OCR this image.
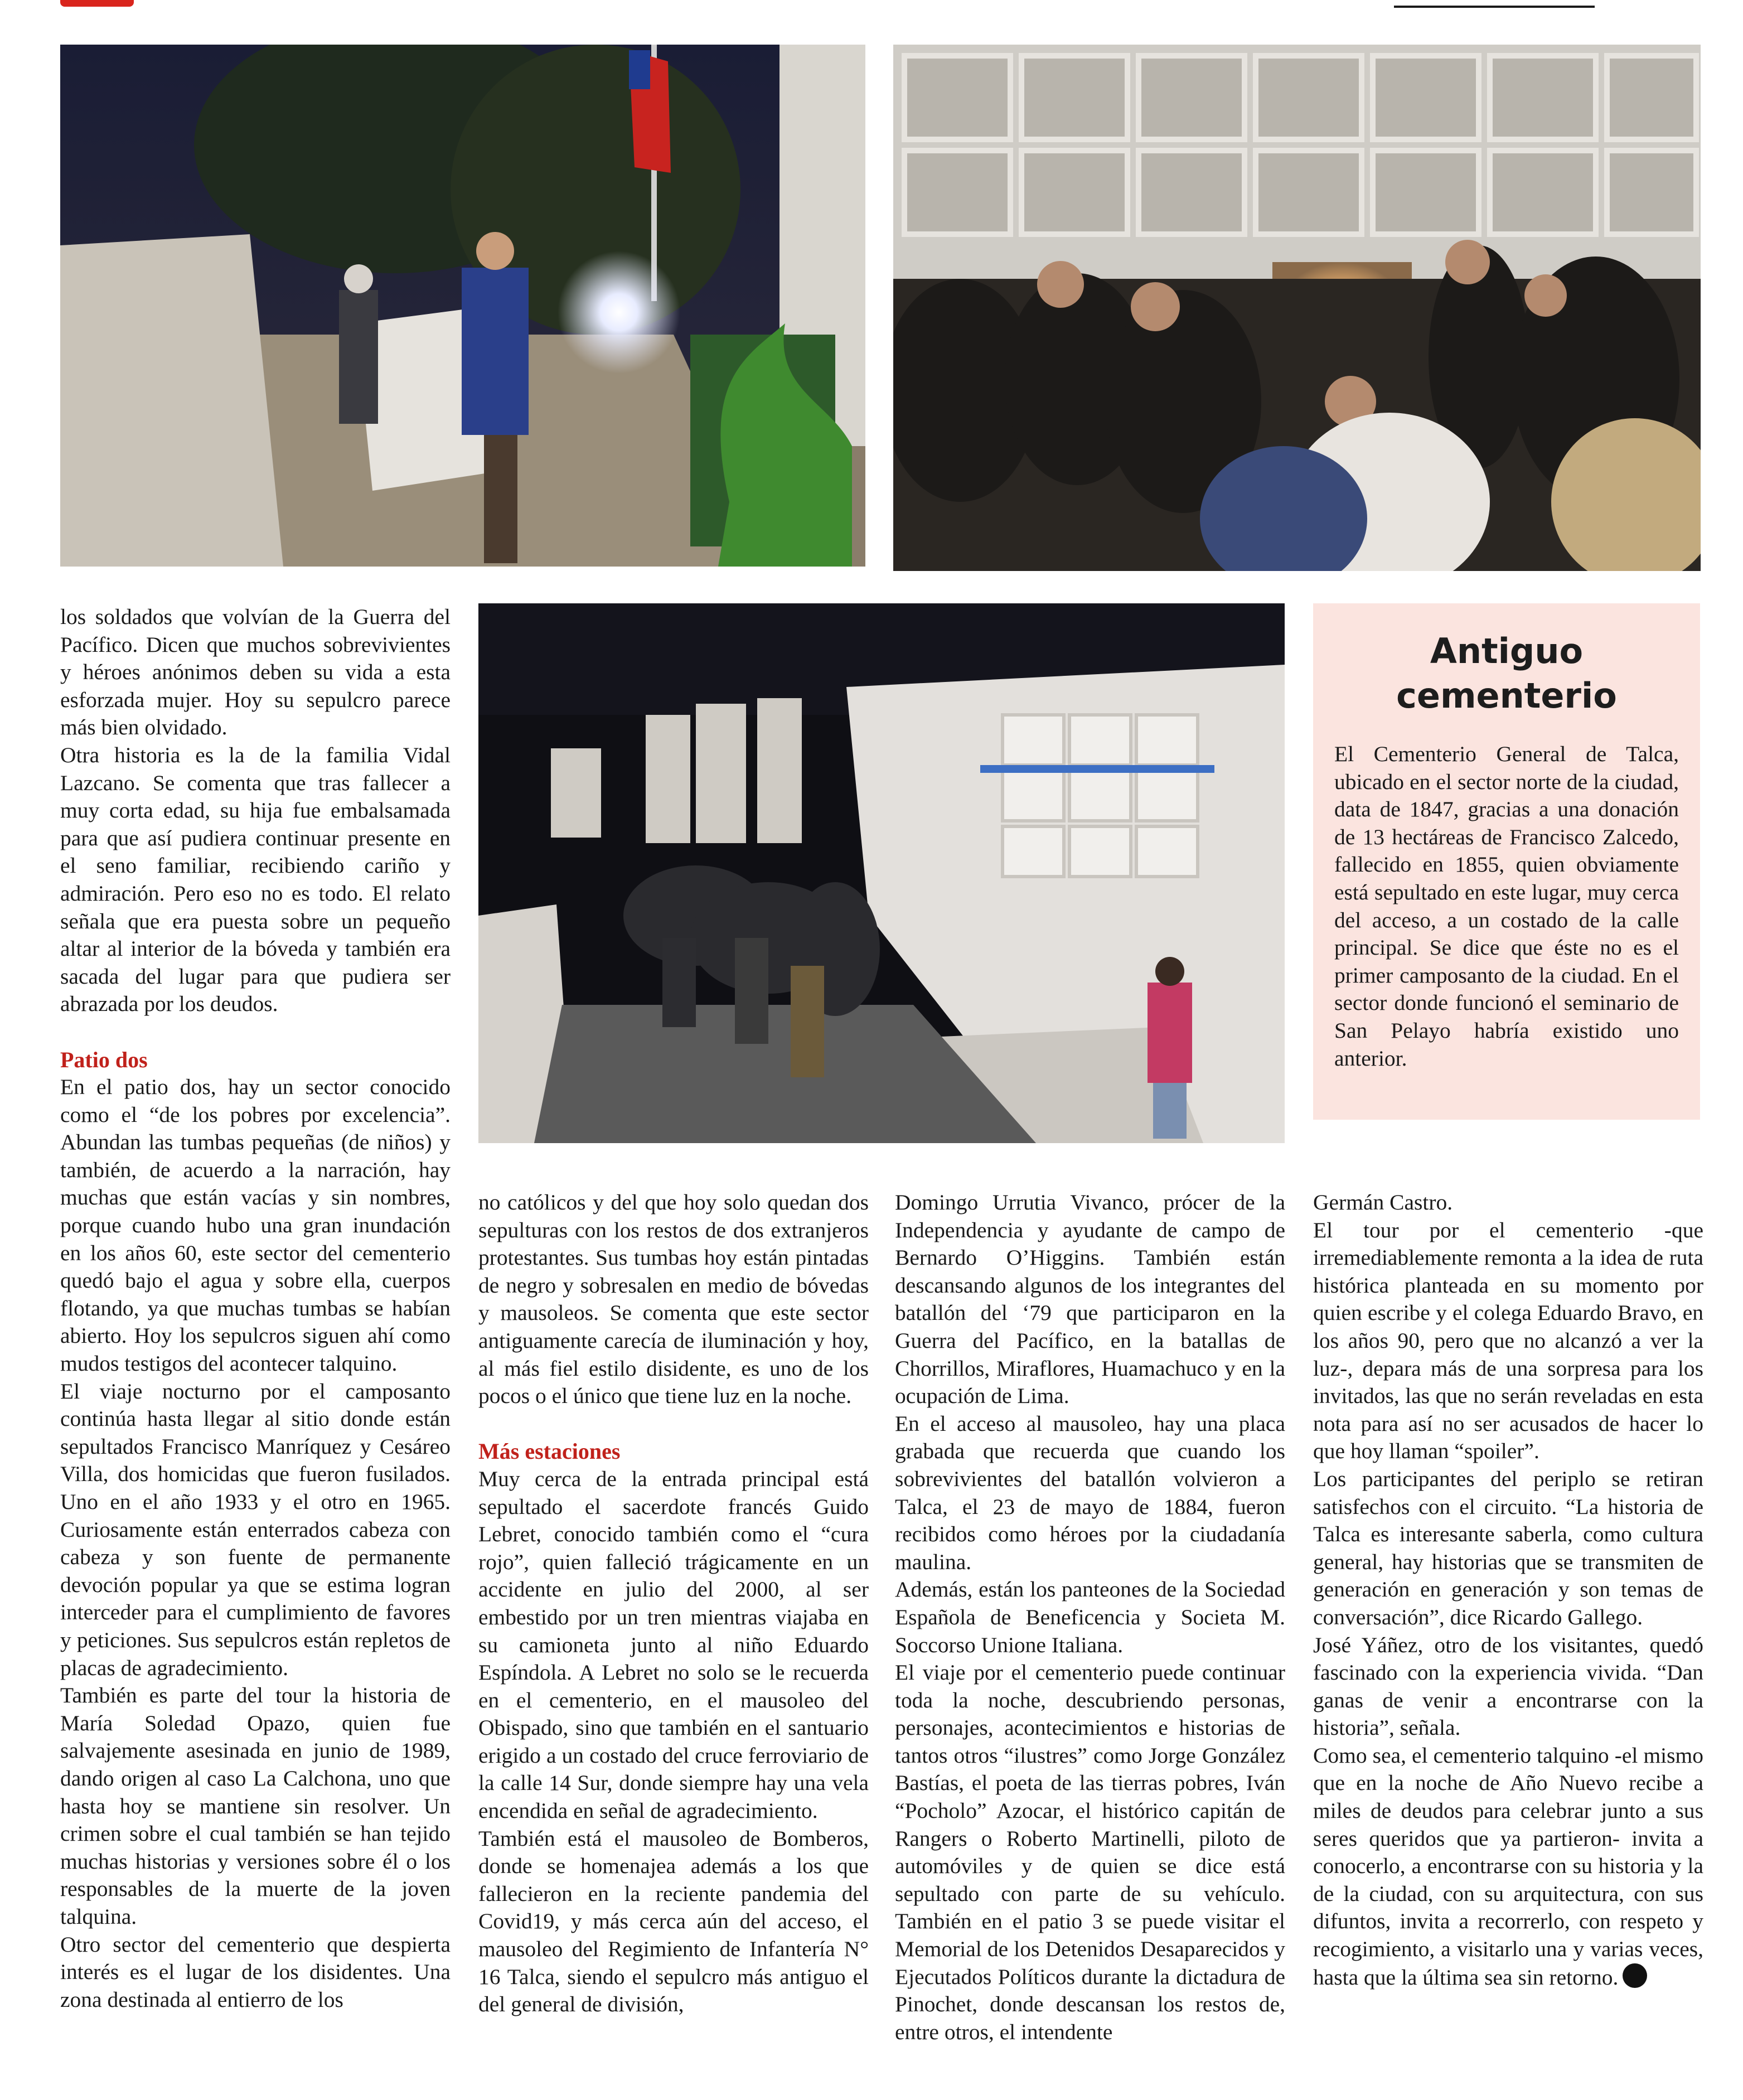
Antiguo
cementerio
El Cementerio General de Talca, ubicado en el sector norte de la ciudad, data de 1847, gracias a una donación de 13 hectáreas de Francisco Zalcedo, fallecido en 1855, quien obviamente está sepultado en este lugar, muy cerca del acceso, a un costado de la calle principal. Se dice que éste no es el primer camposanto de la ciudad. En el sector donde funcionó el seminario de San Pelayo habría existido uno anterior.

los soldados que volvían de la Guerra del Pacífico. Dicen que muchos sobrevivientes y héroes anónimos deben su vida a esta esforzada mujer. Hoy su sepulcro parece más bien olvidado.

Otra historia es la de la familia Vidal Lazcano. Se comenta que tras fallecer a muy corta edad, su hija fue embalsamada para que así pudiera continuar presente en el seno familiar, recibiendo cariño y admiración. Pero eso no es todo. El relato señala que era puesta sobre un pequeño altar al interior de la bóveda y también era sacada del lugar para que pudiera ser abrazada por los deudos.

Patio dos

En el patio dos, hay un sector conocido como el “de los pobres por excelencia”. Abundan las tumbas pequeñas (de niños) y también, de acuerdo a la narración, hay muchas que están vacías y sin nombres, porque cuando hubo una gran inundación en los años 60, este sector del cementerio quedó bajo el agua y sobre ella, cuerpos flotando, ya que muchas tumbas se habían abierto. Hoy los sepulcros siguen ahí como mudos testigos del acontecer talquino.

El viaje nocturno por el camposanto continúa hasta llegar al sitio donde están sepultados Francisco Manríquez y Cesáreo Villa, dos homicidas que fueron fusilados. Uno en el año 1933 y el otro en 1965. Curiosamente están enterrados cabeza con cabeza y son fuente de permanente devoción popular ya que se estima logran interceder para el cumplimiento de favores y peticiones. Sus sepulcros están repletos de placas de agradecimiento.

También es parte del tour la historia de María Soledad Opazo, quien fue salvajemente asesinada en junio de 1989, dando origen al caso La Calchona, uno que hasta hoy se mantiene sin resolver. Un crimen sobre el cual también se han tejido muchas historias y versiones sobre él o los responsables de la muerte de la joven talquina.

Otro sector del cementerio que despierta interés es el lugar de los disidentes. Una zona destinada al entierro de los

no católicos y del que hoy solo quedan dos sepulturas con los restos de dos extranjeros protestantes. Sus tumbas hoy están pintadas de negro y sobresalen en medio de bóvedas y mausoleos. Se comenta que este sector antiguamente carecía de iluminación y hoy, al más fiel estilo disidente, es uno de los pocos o el único que tiene luz en la noche.

Más estaciones

Muy cerca de la entrada principal está sepultado el sacerdote francés Guido Lebret, conocido también como el “cura rojo”, quien falleció trágicamente en un accidente en julio del 2000, al ser embestido por un tren mientras viajaba en su camioneta junto al niño Eduardo Espíndola. A Lebret no solo se le recuerda en el cementerio, en el mausoleo del Obispado, sino que también en el santuario erigido a un costado del cruce ferroviario de la calle 14 Sur, donde siempre hay una vela encendida en señal de agradecimiento.

También está el mausoleo de Bomberos, donde se homenajea además a los que fallecieron en la reciente pandemia del Covid19, y más cerca aún del acceso, el mausoleo del Regimiento de Infantería N° 16 Talca, siendo el sepulcro más antiguo el del general de división,

Domingo Urrutia Vivanco, prócer de la Independencia y ayudante de campo de Bernardo O’Higgins. También están descansando algunos de los integrantes del batallón del ‘79 que participaron en la Guerra del Pacífico, en la batallas de Chorrillos, Miraflores, Huamachuco y en la ocupación de Lima.

En el acceso al mausoleo, hay una placa grabada que recuerda que cuando los sobrevivientes del batallón volvieron a Talca, el 23 de mayo de 1884, fueron recibidos como héroes por la ciudadanía maulina.

Además, están los panteones de la Sociedad Española de Beneficencia y Societa M. Soccorso Unione Italiana.

El viaje por el cementerio puede continuar toda la noche, descubriendo personas, personajes, acontecimientos e historias de tantos otros “ilustres” como Jorge González Bastías, el poeta de las tierras pobres, Iván “Pocholo” Azocar, el histórico capitán de Rangers o Roberto Martinelli, piloto de automóviles y de quien se dice está sepultado con parte de su vehículo. También en el patio 3 se puede visitar el Memorial de los Detenidos Desaparecidos y Ejecutados Políticos durante la dictadura de Pinochet, donde descansan los restos de, entre otros, el intendente

Germán Castro.

El tour por el cementerio -que irremediablemente remonta a la idea de ruta histórica planteada en su momento por quien escribe y el colega Eduardo Bravo, en los años 90, pero que no alcanzó a ver la luz-, depara más de una sorpresa para los invitados, las que no serán reveladas en esta nota para así no ser acusados de hacer lo que hoy llaman “spoiler”.

Los participantes del periplo se retiran satisfechos con el circuito. “La historia de Talca es interesante saberla, como cultura general, hay historias que se transmiten de generación en generación y son temas de conversación”, dice Ricardo Gallego.

José Yáñez, otro de los visitantes, quedó fascinado con la experiencia vivida. “Dan ganas de venir a encontrarse con la historia”, señala.

Como sea, el cementerio talquino -el mismo que en la noche de Año Nuevo recibe a miles de deudos para celebrar junto a sus seres queridos que ya partieron- invita a conocerlo, a encontrarse con su historia y la de la ciudad, con su arquitectura, con sus difuntos, invita a recorrerlo, con respeto y recogimiento, a visitarlo una y varias veces, hasta que la última sea sin retorno.
